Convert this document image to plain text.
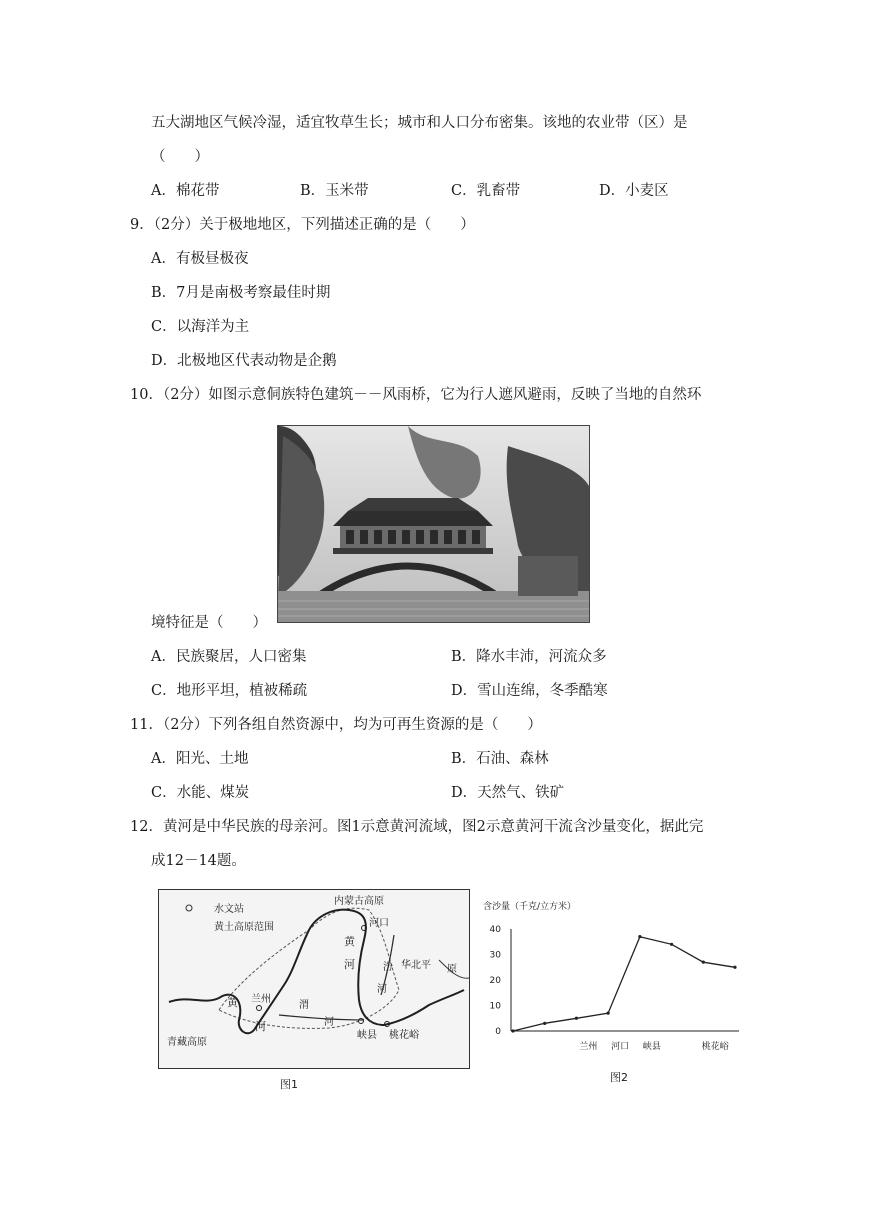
五大湖地区气候冷湿，适宜牧草生长；城市和人口分布密集。该地的农业带（区）是
（　　）
A．棉花带	B．玉米带	C．乳畜带	D．小麦区
9．（2分）关于极地地区，下列描述正确的是（　　）
A．有极昼极夜
B．7月是南极考察最佳时期
C．以海洋为主
D．北极地区代表动物是企鹅
10．（2分）如图示意侗族特色建筑－－风雨桥，它为行人遮风避雨，反映了当地的自然环
境特征是（　　）
A．民族聚居，人口密集	B．降水丰沛，河流众多
C．地形平坦，植被稀疏	D．雪山连绵，冬季酷寒
11．（2分）下列各组自然资源中，均为可再生资源的是（　　）
A．阳光、土地	B．石油、森林
C．水能、煤炭	D．天然气、铁矿
12．黄河是中华民族的母亲河。图1示意黄河流域，图2示意黄河干流含沙量变化，据此完
成12－14题。
水文站
黄土高原范围
内蒙古高原
河口
黄
河	汾 华北平 原
河
兰州
渭
河
黄
河
青藏高原
峡县 桃花峪
图1
含沙量（千克/立方米）
0
10
20
30
40
兰州 河口 峡县	桃花峪
图2
